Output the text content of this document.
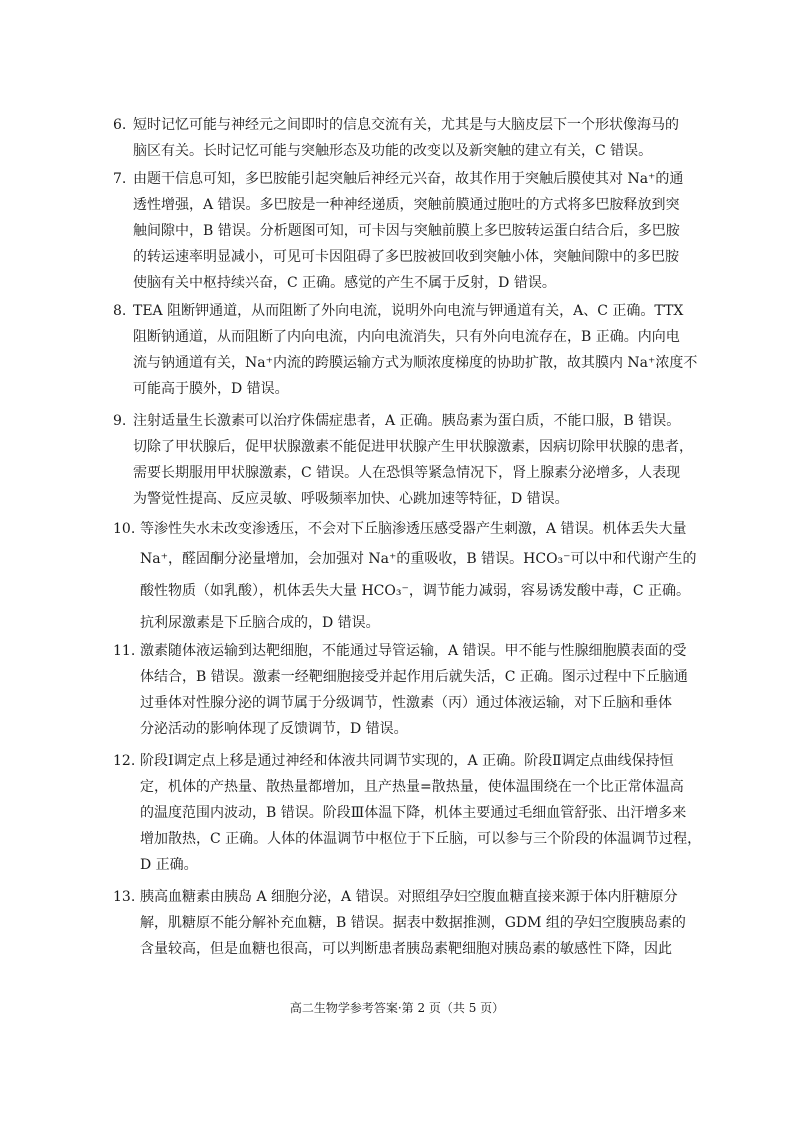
6. 短时记忆可能与神经元之间即时的信息交流有关，尤其是与大脑皮层下一个形状像海马的
脑区有关。长时记忆可能与突触形态及功能的改变以及新突触的建立有关，C 错误。
7. 由题干信息可知，多巴胺能引起突触后神经元兴奋，故其作用于突触后膜使其对 Na⁺的通
透性增强，A 错误。多巴胺是一种神经递质，突触前膜通过胞吐的方式将多巴胺释放到突
触间隙中，B 错误。分析题图可知，可卡因与突触前膜上多巴胺转运蛋白结合后，多巴胺
的转运速率明显减小，可见可卡因阻碍了多巴胺被回收到突触小体，突触间隙中的多巴胺
使脑有关中枢持续兴奋，C 正确。感觉的产生不属于反射，D 错误。
8. TEA 阻断钾通道，从而阻断了外向电流，说明外向电流与钾通道有关，A、C 正确。TTX
阻断钠通道，从而阻断了内向电流，内向电流消失，只有外向电流存在，B 正确。内向电
流与钠通道有关，Na⁺内流的跨膜运输方式为顺浓度梯度的协助扩散，故其膜内 Na⁺浓度不
可能高于膜外，D 错误。
9. 注射适量生长激素可以治疗侏儒症患者，A 正确。胰岛素为蛋白质，不能口服，B 错误。
切除了甲状腺后，促甲状腺激素不能促进甲状腺产生甲状腺激素，因病切除甲状腺的患者，
需要长期服用甲状腺激素，C 错误。人在恐惧等紧急情况下，肾上腺素分泌增多，人表现
为警觉性提高、反应灵敏、呼吸频率加快、心跳加速等特征，D 错误。
10. 等渗性失水未改变渗透压，不会对下丘脑渗透压感受器产生刺激，A 错误。机体丢失大量
Na⁺，醛固酮分泌量增加，会加强对 Na⁺的重吸收，B 错误。HCO₃⁻可以中和代谢产生的
酸性物质（如乳酸），机体丢失大量 HCO₃⁻，调节能力减弱，容易诱发酸中毒，C 正确。
抗利尿激素是下丘脑合成的，D 错误。
11. 激素随体液运输到达靶细胞，不能通过导管运输，A 错误。甲不能与性腺细胞膜表面的受
体结合，B 错误。激素一经靶细胞接受并起作用后就失活，C 正确。图示过程中下丘脑通
过垂体对性腺分泌的调节属于分级调节，性激素（丙）通过体液运输，对下丘脑和垂体
分泌活动的影响体现了反馈调节，D 错误。
12. 阶段Ⅰ调定点上移是通过神经和体液共同调节实现的，A 正确。阶段Ⅱ调定点曲线保持恒
定，机体的产热量、散热量都增加，且产热量=散热量，使体温围绕在一个比正常体温高
的温度范围内波动，B 错误。阶段Ⅲ体温下降，机体主要通过毛细血管舒张、出汗增多来
增加散热，C 正确。人体的体温调节中枢位于下丘脑，可以参与三个阶段的体温调节过程，
D 正确。
13. 胰高血糖素由胰岛 A 细胞分泌，A 错误。对照组孕妇空腹血糖直接来源于体内肝糖原分
解，肌糖原不能分解补充血糖，B 错误。据表中数据推测，GDM 组的孕妇空腹胰岛素的
含量较高，但是血糖也很高，可以判断患者胰岛素靶细胞对胰岛素的敏感性下降，因此
高二生物学参考答案·第 2 页（共 5 页）
